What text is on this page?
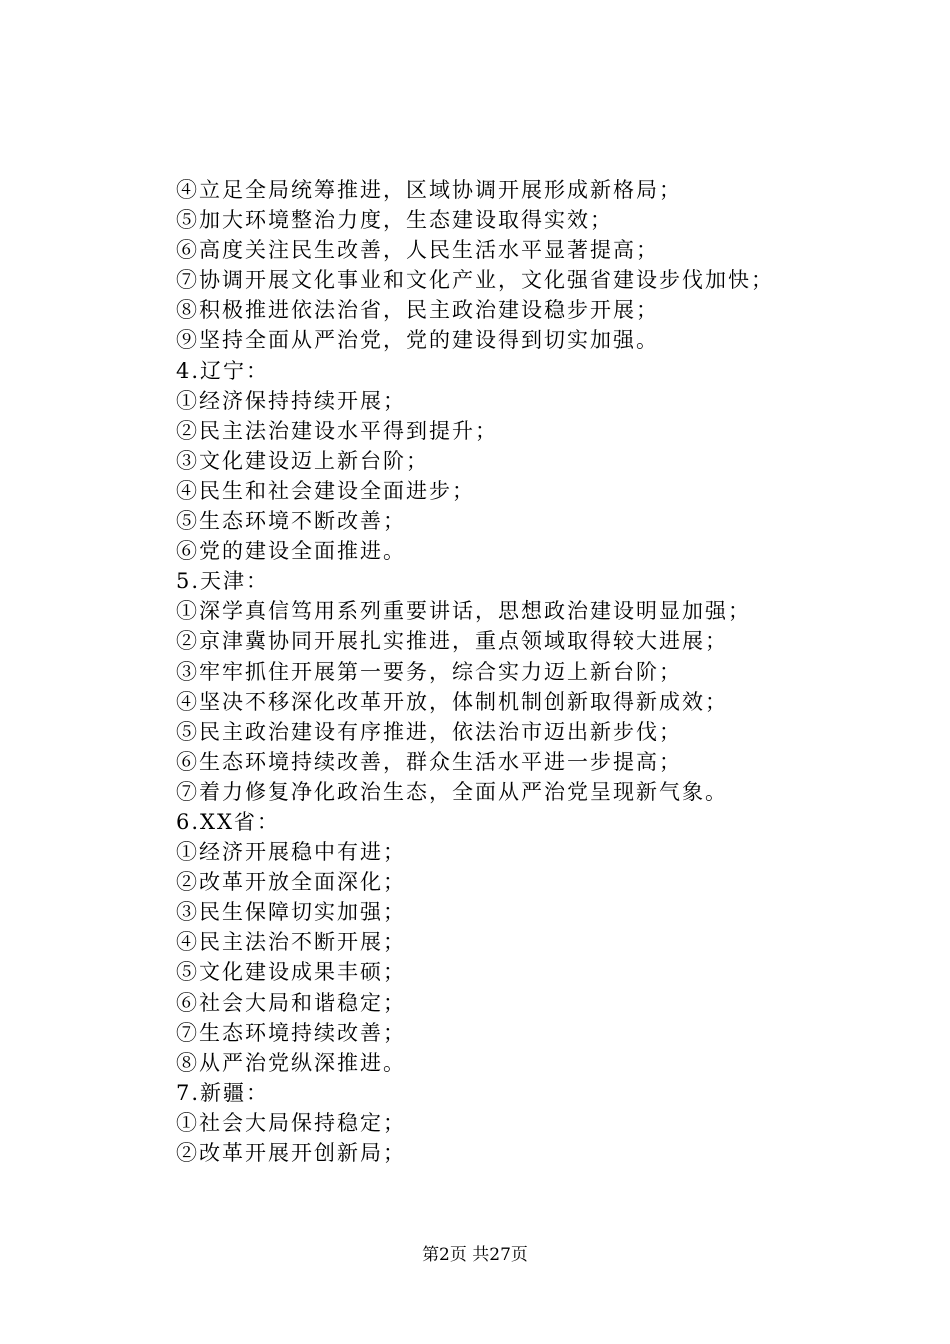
④立足全局统筹推进，区域协调开展形成新格局；
⑤加大环境整治力度，生态建设取得实效；
⑥高度关注民生改善，人民生活水平显著提高；
⑦协调开展文化事业和文化产业，文化强省建设步伐加快；
⑧积极推进依法治省，民主政治建设稳步开展；
⑨坚持全面从严治党，党的建设得到切实加强。
4.辽宁：
①经济保持持续开展；
②民主法治建设水平得到提升；
③文化建设迈上新台阶；
④民生和社会建设全面进步；
⑤生态环境不断改善；
⑥党的建设全面推进。
5.天津：
①深学真信笃用系列重要讲话，思想政治建设明显加强；
②京津冀协同开展扎实推进，重点领域取得较大进展；
③牢牢抓住开展第一要务，综合实力迈上新台阶；
④坚决不移深化改革开放，体制机制创新取得新成效；
⑤民主政治建设有序推进，依法治市迈出新步伐；
⑥生态环境持续改善，群众生活水平进一步提高；
⑦着力修复净化政治生态，全面从严治党呈现新气象。
6.XX省：
①经济开展稳中有进；
②改革开放全面深化；
③民生保障切实加强；
④民主法治不断开展；
⑤文化建设成果丰硕；
⑥社会大局和谐稳定；
⑦生态环境持续改善；
⑧从严治党纵深推进。
7.新疆：
①社会大局保持稳定；
②改革开展开创新局；
第2页 共27页
